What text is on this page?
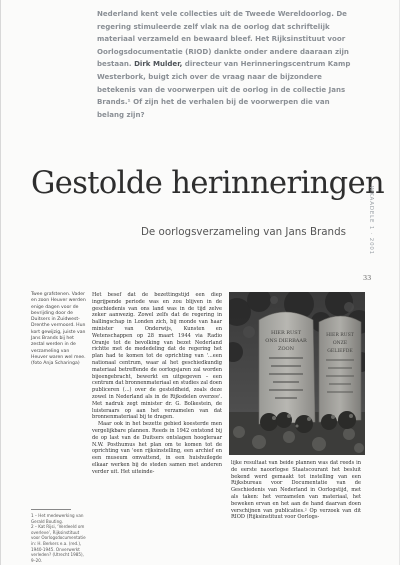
Nederland kent vele collecties uit de Tweede Wereldoorlog. De regering stimuleerde zelf vlak na de oorlog dat schriftelijk materiaal verzameld en bewaard bleef. Het Rijksinstituut voor Oorlogsdocumentatie (RIOD) dankte onder andere daaraan zijn bestaan. Dirk Mulder, directeur van Herinneringscentrum Kamp Westerbork, buigt zich over de vraag naar de bijzondere betekenis van de voorwerpen uit de oorlog in de collectie Jans Brands.¹ Of zijn het de verhalen bij de voorwerpen die van belang zijn?
Gestolde herinneringen
De oorlogsverzameling van Jans Brands	WKAADELE 1 · 2001
33
Twee grafstenen. Vader en zoon Heuver werden enige dagen voor de bevrijding door de Duitsers in Zuidwest-Drenthe vermoord. Hun kort gewijzig, juiste van Jans Brands bij het zestal werden in de verzameling van Heuver waren wel mee. (foto Anja Scharinga)
1 – Het medewerking van Gerald Bouting.
2 – Kat Rijsi, ‘Verdeeld om overleve’, Rijksinstituut voor Oorlogsdocumentatie in: H. Berkers e.a. (red.), 1940-1945. Onverwerkt verleden? (Utrecht 1985), 9–20.

Het besef dat de bezettingstijd een diep ingrijpende periode was en zou blijven in de geschiedenis van ons land was in de tijd zelve zeker aanwezig. Zowel zelfs dat de regering in ballingschap in Londen zich, bij monde van haar minister van Onderwijs, Kunsten en Wetenschappen op 28 maart 1944 via Radio Oranje tot de bevolking van bezet Nederland richtte met de mededeling dat de regering het plan had te komen tot de oprichting van '...een nationaal centrum, waar al het geschiedkundig materiaal betreffende de oorlogsjaren zal worden bijeengebracht, bewerkt en uitgegeven – een centrum dat bronnenmateriaal en studies zal doen publiceren (...) over de gesteldheid, zoals deze zowel in Nederland als in de Rijksdelen overzee'. Met nadruk zegt minister dr. G. Bolkestein, de luisteraars op aan het verzamelen van dat bronnenmateriaal bij te dragen.

Maar ook in het bezette gebied koesterde men vergelijkbare plannen. Reeds in 1942 ontstond bij de op last van de Duitsers ontslagen hoogleraar N.W. Posthumus het plan om te komen tot de oprichting van 'een rijksinstelling, een archief en een museum omvattend, in een huishuilegde elkaar werken bij de steden samen met anderen verder uit. Het uiteinde-

HIER RUST
ONS DIERBAAR
ZOON
HIER RUST
ONZE
GELIEFDE

lijke resultaat van beide plannen was dat reeds in de eerste naoorlogse Staatscourant het besluit bekend werd gemaakt tot instelling van een Rijksbureau voor Documentatie van de Geschiedenis van Nederland in Oorlogstijd, met als taken: het verzamelen van materiaal, het beweken ervan en het aan de hand daarvan doen verschijnen van publicaties.² Op verzoek van dit RIOD (Rijksinstituut voor Oorlogs-
